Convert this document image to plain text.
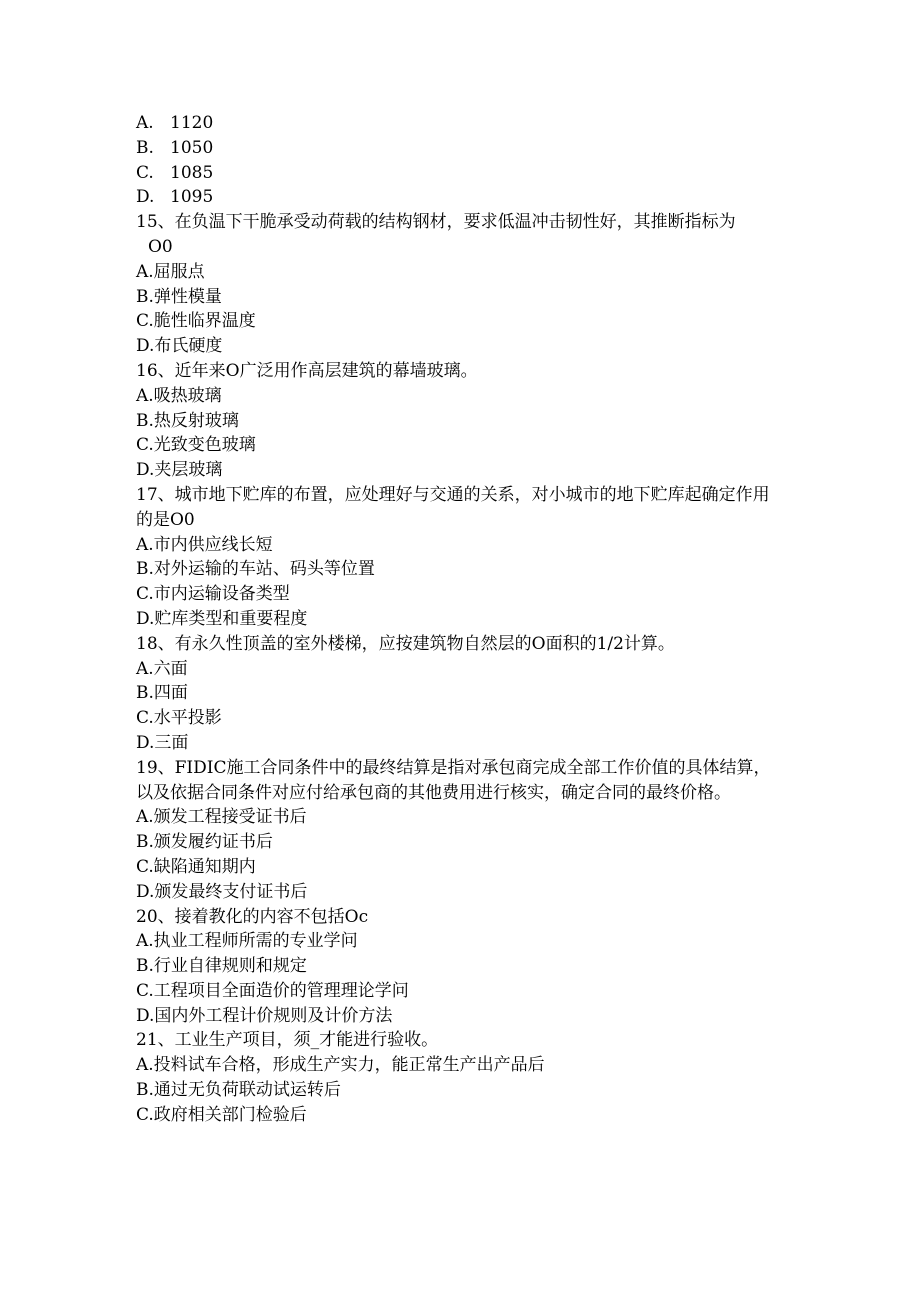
A. 1120
B. 1050
C. 1085
D. 1095
15、在负温下干脆承受动荷载的结构钢材，要求低温冲击韧性好，其推断指标为
O0
A.屈服点
B.弹性模量
C.脆性临界温度
D.布氏硬度
16、近年来O广泛用作高层建筑的幕墙玻璃。
A.吸热玻璃
B.热反射玻璃
C.光致变色玻璃
D.夹层玻璃
17、城市地下贮库的布置，应处理好与交通的关系，对小城市的地下贮库起确定作用的是O0
A.市内供应线长短
B.对外运输的车站、码头等位置
C.市内运输设备类型
D.贮库类型和重要程度
18、有永久性顶盖的室外楼梯，应按建筑物自然层的O面积的1/2计算。
A.六面
B.四面
C.水平投影
D.三面
19、FIDIC施工合同条件中的最终结算是指对承包商完成全部工作价值的具体结算，以及依据合同条件对应付给承包商的其他费用进行核实，确定合同的最终价格。
A.颁发工程接受证书后
B.颁发履约证书后
C.缺陷通知期内
D.颁发最终支付证书后
20、接着教化的内容不包括Oc
A.执业工程师所需的专业学问
B.行业自律规则和规定
C.工程项目全面造价的管理理论学问
D.国内外工程计价规则及计价方法
21、工业生产项目，须_才能进行验收。
A.投料试车合格，形成生产实力，能正常生产出产品后
B.通过无负荷联动试运转后
C.政府相关部门检验后
